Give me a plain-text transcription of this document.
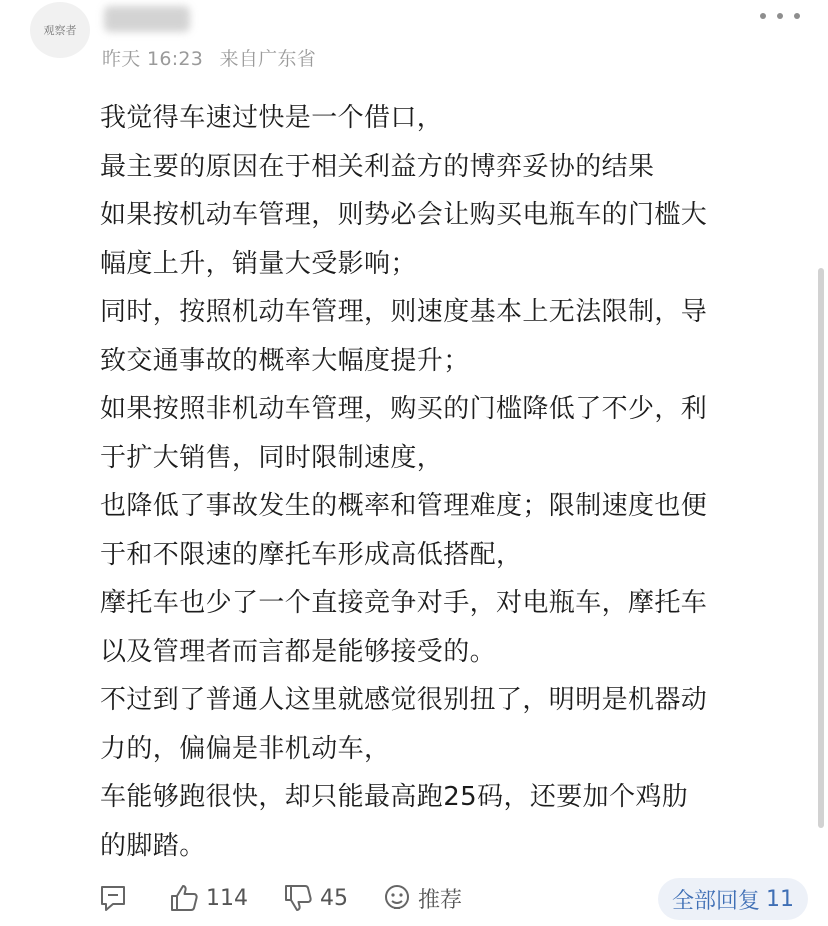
观察者
昨天 16:23 来自广东省
我觉得车速过快是一个借口，
最主要的原因在于相关利益方的博弈妥协的结果
如果按机动车管理，则势必会让购买电瓶车的门槛大
幅度上升，销量大受影响；
同时，按照机动车管理，则速度基本上无法限制，导
致交通事故的概率大幅度提升；
如果按照非机动车管理，购买的门槛降低了不少，利
于扩大销售，同时限制速度，
也降低了事故发生的概率和管理难度；限制速度也便
于和不限速的摩托车形成高低搭配，
摩托车也少了一个直接竞争对手，对电瓶车，摩托车
以及管理者而言都是能够接受的。
不过到了普通人这里就感觉很别扭了，明明是机器动
力的，偏偏是非机动车，
车能够跑很快，却只能最高跑25码，还要加个鸡肋
的脚踏。
114	45	推荐	全部回复 11
